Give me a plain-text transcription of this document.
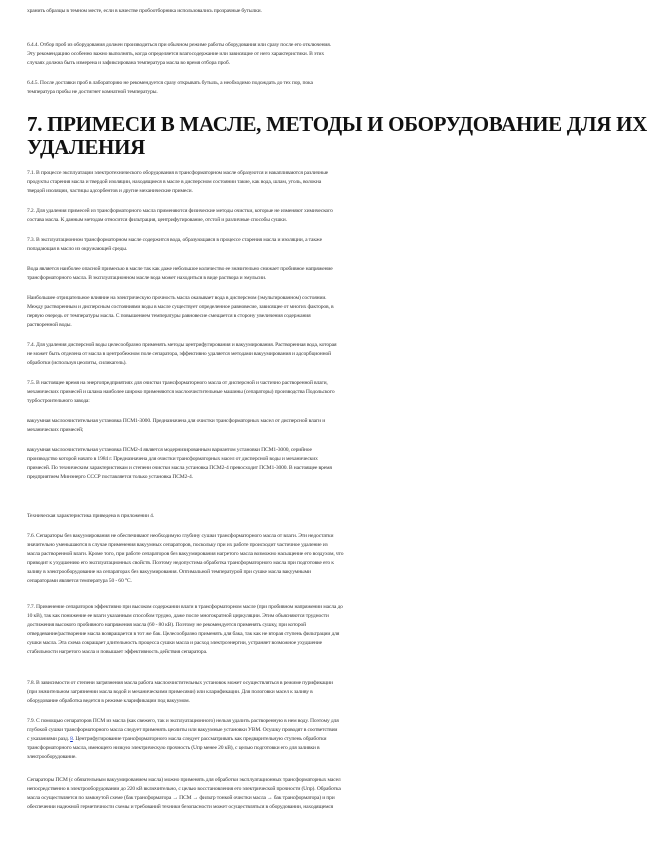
хранить образцы в темном месте, если в качестве пробоотборника использовались прозрачные бутылки.
6.4.4. Отбор проб из оборудования должен производиться при обычном режиме работы оборудования или сразу после его отключения.
Эту рекомендацию особенно важно выполнять, когда определяется влагосодержание или зависящие от него характеристики. В этих
случаях должна быть измерена и зафиксирована температура масла во время отбора проб.
6.4.5. После доставки проб в лабораторию не рекомендуется сразу открывать бутыль, а необходимо подождать до тех пор, пока
температура пробы не достигнет комнатной температуры.
7. ПРИМЕСИ В МАСЛЕ, МЕТОДЫ И ОБОРУДОВАНИЕ ДЛЯ ИХ
УДАЛЕНИЯ
7.1. В процессе эксплуатации электротехнического оборудования в трансформаторном масле образуются и накапливаются различные
продукты старения масла и твердой изоляции, находящиеся в масле в дисперсном состоянии такие, как вода, шлам, уголь, волокна
твердой изоляции, частицы адсорбентов и другие механические примеси.
7.2. Для удаления примесей из трансформаторного масла применяются физические методы очистки, которые не изменяют химического
состава масла. К данным методам относится фильтрация, центрифугирование, отстой и различные способы сушки.
7.3. В эксплуатационном трансформаторном масле содержится вода, образующаяся в процессе старения масла и изоляции, а также
попадающая в масло из окружающей среды.
Вода является наиболее опасной примесью в масле так как даже небольшое количество ее значительно снижает пробивное напряжение
трансформаторного масла. В эксплуатационном масле вода может находиться в виде раствора и эмульсии.
Наибольшее отрицательное влияние на электрическую прочность масла оказывает вода в дисперсном (эмульгированном) состоянии.
Между растворенным и дисперсным состояниями воды в масле существует определенное равновесие, зависящее от многих факторов, в
первую очередь от температуры масла. С повышением температуры равновесие смещается в сторону увеличения содержания
растворенной воды.
7.4. Для удаления дисперсной воды целесообразно применять методы центрифугирования и вакуумирования. Растворенная вода, которая
не может быть отделена от масла в центробежном поле сепаратора, эффективно удаляется методами вакуумирования и адсорбционной
обработки (используя цеолиты, силикагель).
7.5. В настоящее время на энергопредприятиях для очистки трансформаторного масла от дисперсной и частично растворенной влаги,
механических примесей и шлама наиболее широко применяются маслоочистительные машины (сепараторы) производства Подольского
турбостроительного завода:
вакуумная маслоочистительная установка ПСМ1-3000. Предназначена для очистки трансформаторных масел от дисперсной влаги и
механических примесей;
вакуумная маслоочистительная установка ПСМ2-4 является модернизированным вариантом установки ПСМ1-3000, серийное
производство которой начато в 1984 г. Предназначена для очистки трансформаторных масел от дисперсной воды и механических
примесей. По техническим характеристикам и степени очистки масла установка ПСМ2-4 превосходит ПСМ1-3000. В настоящее время
предприятием Минэнерго СССР поставляется только установка ПСМ2-4.
Техническая характеристика приведена в приложении 4.
7.6. Сепараторы без вакуумирования не обеспечивают необходимую глубину сушки трансформаторного масла от влаги. Эти недостатки
значительно уменьшаются в случае применения вакуумных сепараторов, поскольку при их работе происходит частичное удаление из
масла растворенной влаги. Кроме того, при работе сепараторов без вакуумирования нагретого масла возможно насыщение его воздухом, что
приводит к ухудшению его эксплуатационных свойств. Поэтому недопустима обработка трансформаторного масла при подготовке его к
заливу в электрооборудование на сепараторах без вакуумирования. Оптимальной температурой при сушке масла вакуумными
сепараторами является температура 50 - 60 °С.
7.7. Применение сепараторов эффективно при высоком содержании влаги в трансформаторном масле (при пробивном напряжении масла до
10 кВ), так как понижение ее влаги указанным способом трудно, даже после многократной циркуляции. Этим объясняются трудности
достижения высокого пробивного напряжения масла (60 - 80 кВ). Поэтому не рекомендуется применять сушку, при которой
отвердевание/растворение масла возвращается в тот же бак. Целесообразно применять для бака, так как не вторая ступень фильтрации для
сушки масла. Эта схема сокращает длительность процесса сушки масла и расход электроэнергии, устраняет возможное ухудшение
стабильности нагретого масла и повышает эффективность действия сепаратора.
7.8. В зависимости от степени загрязнения масла работа маслоочистительных установок может осуществляться в режиме пурификации
(при значительном загрязнении масла водой и механическими примесями) или кларификации. Для пологовки масел к заливу в
оборудование обработка ведется в режиме кларификации под вакуумом.
7.9. С помощью сепараторов ПСМ из масла (как свежего, так и эксплуатационного) нельзя удалить растворенную в нем воду. Поэтому для
глубокой сушки трансформаторного масла следует применять цеолиты или вакуумные установки УВМ. Осушку проводят в соответствии
с указаниями разд. 8. Центрифугирование трансформаторного масла следует рассматривать как предварительную ступень обработки
трансформаторного масла, имеющего низкую электрическую прочность (Uпр менее 20 кВ), с целью подготовки его для заливки в
электрооборудование.
Сепараторы ПСМ (с обязательным вакуумированием масла) можно применять для обработки эксплуатационных трансформаторных масел
непосредственно в электрооборудовании до 220 кВ включительно, с целью восстановления его электрической прочности (Uпр). Обработка
масла осуществляется по замкнутой схеме (бак трансформатора → ПСМ → фильтр тонкой очистки масла → бак трансформатора) и при
обеспечении надежной герметичности схемы и требований техники безопасности может осуществляться в оборудовании, находящемся
